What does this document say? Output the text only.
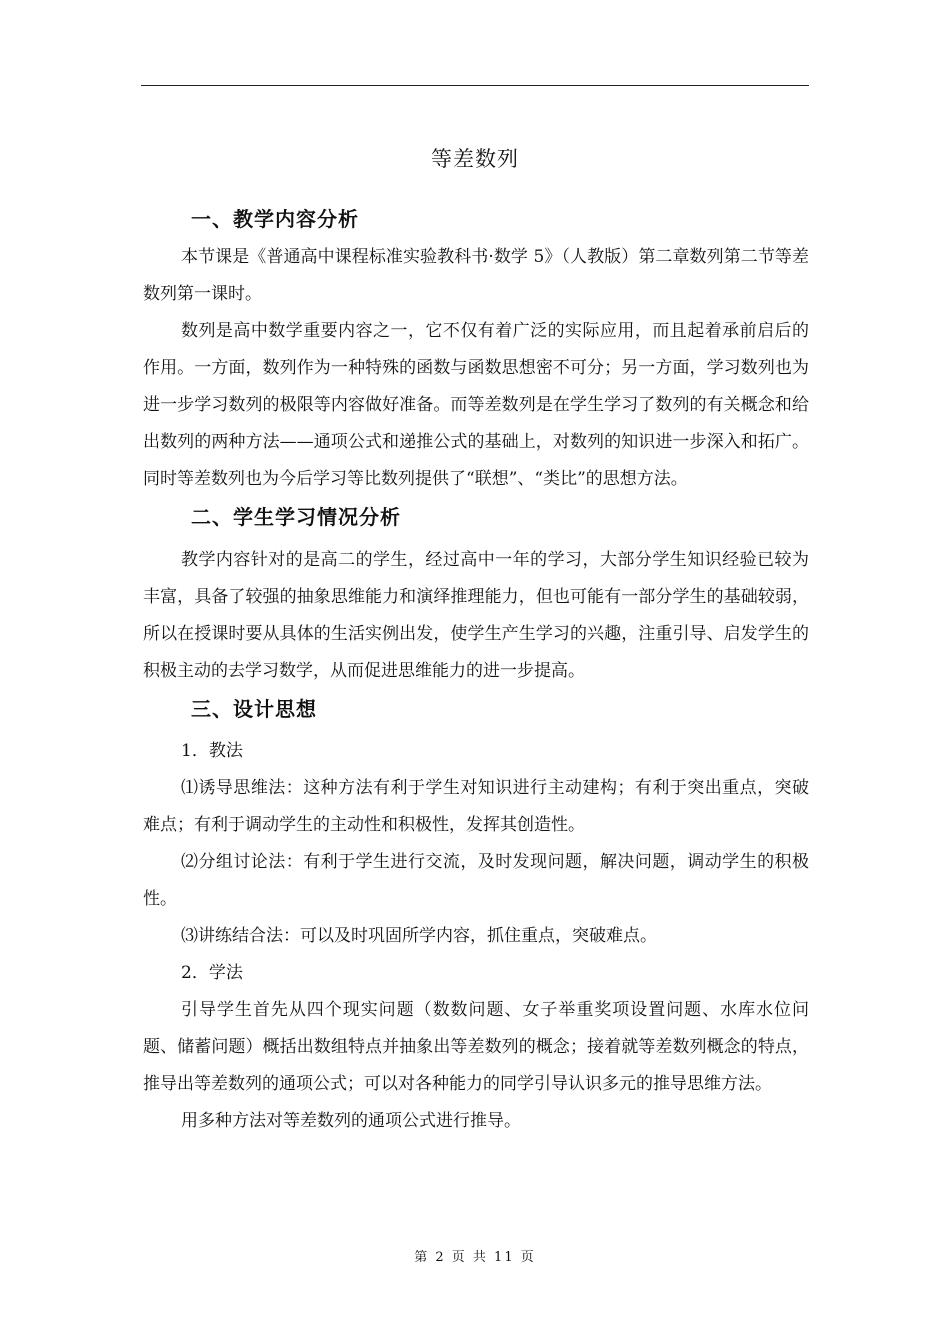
等差数列
一、教学内容分析

本节课是《普通高中课程标准实验教科书·数学 5》（人教版）第二章数列第二节等差数列第一课时。

数列是高中数学重要内容之一，它不仅有着广泛的实际应用，而且起着承前启后的作用。一方面，数列作为一种特殊的函数与函数思想密不可分；另一方面，学习数列也为进一步学习数列的极限等内容做好准备。而等差数列是在学生学习了数列的有关概念和给出数列的两种方法——通项公式和递推公式的基础上，对数列的知识进一步深入和拓广。同时等差数列也为今后学习等比数列提供了“联想”、“类比”的思想方法。

二、学生学习情况分析

教学内容针对的是高二的学生，经过高中一年的学习，大部分学生知识经验已较为丰富，具备了较强的抽象思维能力和演绎推理能力，但也可能有一部分学生的基础较弱，所以在授课时要从具体的生活实例出发，使学生产生学习的兴趣，注重引导、启发学生的积极主动的去学习数学，从而促进思维能力的进一步提高。

三、设计思想

1．教法

⑴诱导思维法：这种方法有利于学生对知识进行主动建构；有利于突出重点，突破难点；有利于调动学生的主动性和积极性，发挥其创造性。

⑵分组讨论法：有利于学生进行交流，及时发现问题，解决问题，调动学生的积极性。

⑶讲练结合法：可以及时巩固所学内容，抓住重点，突破难点。

2．学法

引导学生首先从四个现实问题（数数问题、女子举重奖项设置问题、水库水位问题、储蓄问题）概括出数组特点并抽象出等差数列的概念；接着就等差数列概念的特点，推导出等差数列的通项公式；可以对各种能力的同学引导认识多元的推导思维方法。

用多种方法对等差数列的通项公式进行推导。

第 2 页 共 11 页
